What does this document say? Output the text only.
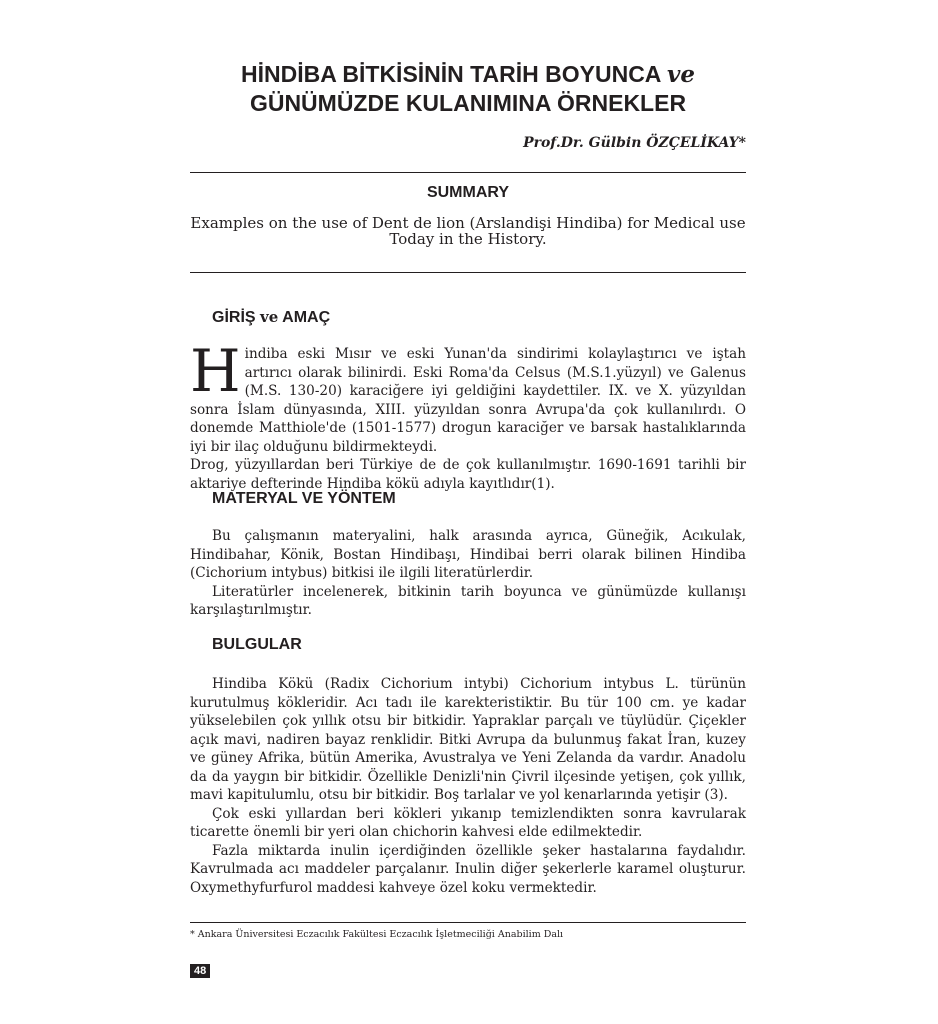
HİNDİBA BİTKİSİNİN TARİH BOYUNCA ve
GÜNÜMÜZDE KULANIMINA ÖRNEKLER
Prof.Dr. Gülbin ÖZÇELİKAY*
SUMMARY
Examples on the use of Dent de lion (Arslandişi Hindiba) for Medical use Today in the History.
GİRİŞ ve AMAÇ

Hindiba eski Mısır ve eski Yunan'da sindirimi kolaylaştırıcı ve iştah artırıcı olarak bilinirdi. Eski Roma'da Celsus (M.S.1.yüzyıl) ve Galenus (M.S. 130-20) karaciğere iyi geldiğini kaydettiler. IX. ve X. yüzyıldan sonra İslam dünyasında, XIII. yüzyıldan sonra Avrupa'da çok kullanılırdı. O donemde Matthiole'de (1501-1577) drogun karaciğer ve barsak hastalıklarında iyi bir ilaç olduğunu bildirmekteydi.

Drog, yüzyıllardan beri Türkiye de de çok kullanılmıştır. 1690-1691 tarihli bir aktariye defterinde Hindiba kökü adıyla kayıtlıdır(1).

MATERYAL VE YÖNTEM

Bu çalışmanın materyalini, halk arasında ayrıca, Güneğik, Acıkulak, Hindibahar, Könik, Bostan Hindibaşı, Hindibai berri olarak bilinen Hindiba (Cichorium intybus) bitkisi ile ilgili literatürlerdir.

Literatürler incelenerek, bitkinin tarih boyunca ve günümüzde kullanışı karşılaştırılmıştır.

BULGULAR

Hindiba Kökü (Radix Cichorium intybi) Cichorium intybus L. türünün kurutulmuş kökleridir. Acı tadı ile karekteristiktir. Bu tür 100 cm. ye kadar yükselebilen çok yıllık otsu bir bitkidir. Yapraklar parçalı ve tüylüdür. Çiçekler açık mavi, nadiren bayaz renklidir. Bitki Avrupa da bulunmuş fakat İran, kuzey ve güney Afrika, bütün Amerika, Avustralya ve Yeni Zelanda da vardır. Anadolu da da yaygın bir bitkidir. Özellikle Denizli'nin Çivril ilçesinde yetişen, çok yıllık, mavi kapitulumlu, otsu bir bitkidir. Boş tarlalar ve yol kenarlarında yetişir (3).

Çok eski yıllardan beri kökleri yıkanıp temizlendikten sonra kavrularak ticarette önemli bir yeri olan chichorin kahvesi elde edilmektedir.

Fazla miktarda inulin içerdiğinden özellikle şeker hastalarına faydalıdır. Kavrulmada acı maddeler parçalanır. Inulin diğer şekerlerle karamel oluşturur. Oxymethyfurfurol maddesi kahveye özel koku vermektedir.

* Ankara Üniversitesi Eczacılık Fakültesi Eczacılık İşletmeciliği Anabilim Dalı
48
